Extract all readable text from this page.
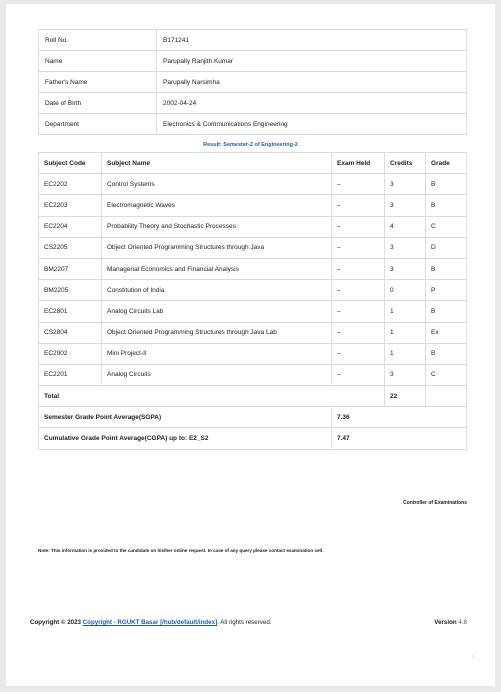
Roll No.	B171241
Name	Parupally Ranjith Kumar
Father's Name	Parupally Narsimha
Date of Birth	2002-04-24
Department	Electronics & Communications Engineering
Result: Semester-2 of Engineering-2
Subject Code	Subject Name	Exam Held	Credits	Grade
EC2202	Control Systems	–	3	B
EC2203	Electromagnetic Waves	–	3	B
EC2204	Probability Theory and Stochastic Processes	–	4	C
CS2205	Object Oriented Programming Structures through Java	–	3	D
BM2207	Managerial Economics and Financial Analysis	–	3	B
BM2205	Constitution of India	–	0	P
EC2801	Analog Circuits Lab	–	1	B
CS2804	Object Oriented Programming Structures through Java Lab	–	1	Ex
EC2902	Mini Project-II	–	1	B
EC2201	Analog Circuits	–	3	C
Total			22	
Semester Grade Point Average(SGPA)		7.36		
Cumulative Grade Point Average(CGPA) up to: E2_S2		7.47		
Controller of Examinations
Note: This information is provided to the candidate on his/her online request. In case of any query please contact examination cell.
Copyright © 2023 Copyright - RGUKT Basar [/hub/default/index]. All rights reserved.	Version 4.8
↑
